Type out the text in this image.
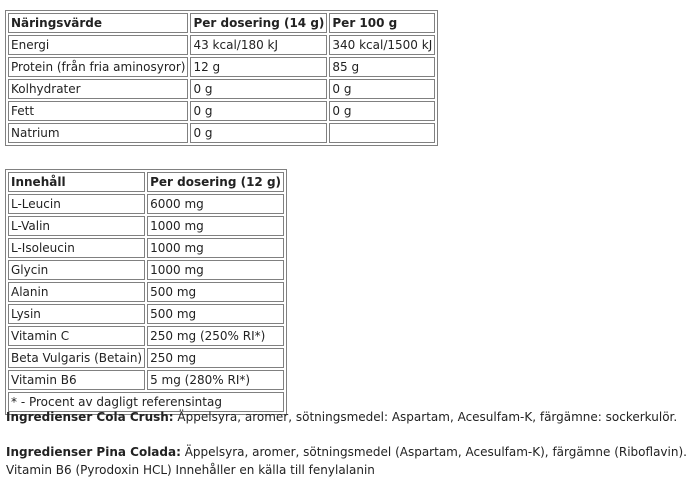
Näringsvärde	Per dosering (14 g)	Per 100 g
Energi	43 kcal/180 kJ	340 kcal/1500 kJ
Protein (från fria aminosyror)	12 g	85 g
Kolhydrater	0 g	0 g
Fett	0 g	0 g
Natrium	0 g	
Innehåll	Per dosering (12 g)
L-Leucin	6000 mg
L-Valin	1000 mg
L-Isoleucin	1000 mg
Glycin	1000 mg
Alanin	500 mg
Lysin	500 mg
Vitamin C	250 mg (250% RI*)
Beta Vulgaris (Betain)	250 mg
Vitamin B6	5 mg (280% RI*)
* - Procent av dagligt referensintag	

Ingredienser Cola Crush: Äppelsyra, aromer, sötningsmedel: Aspartam, Acesulfam-K, färgämne: sockerkulör.

Ingredienser Pina Colada: Äppelsyra, aromer, sötningsmedel (Aspartam, Acesulfam-K), färgämne (Riboflavin). Vitamin B6 (Pyrodoxin HCL) Innehåller en källa till fenylalanin
